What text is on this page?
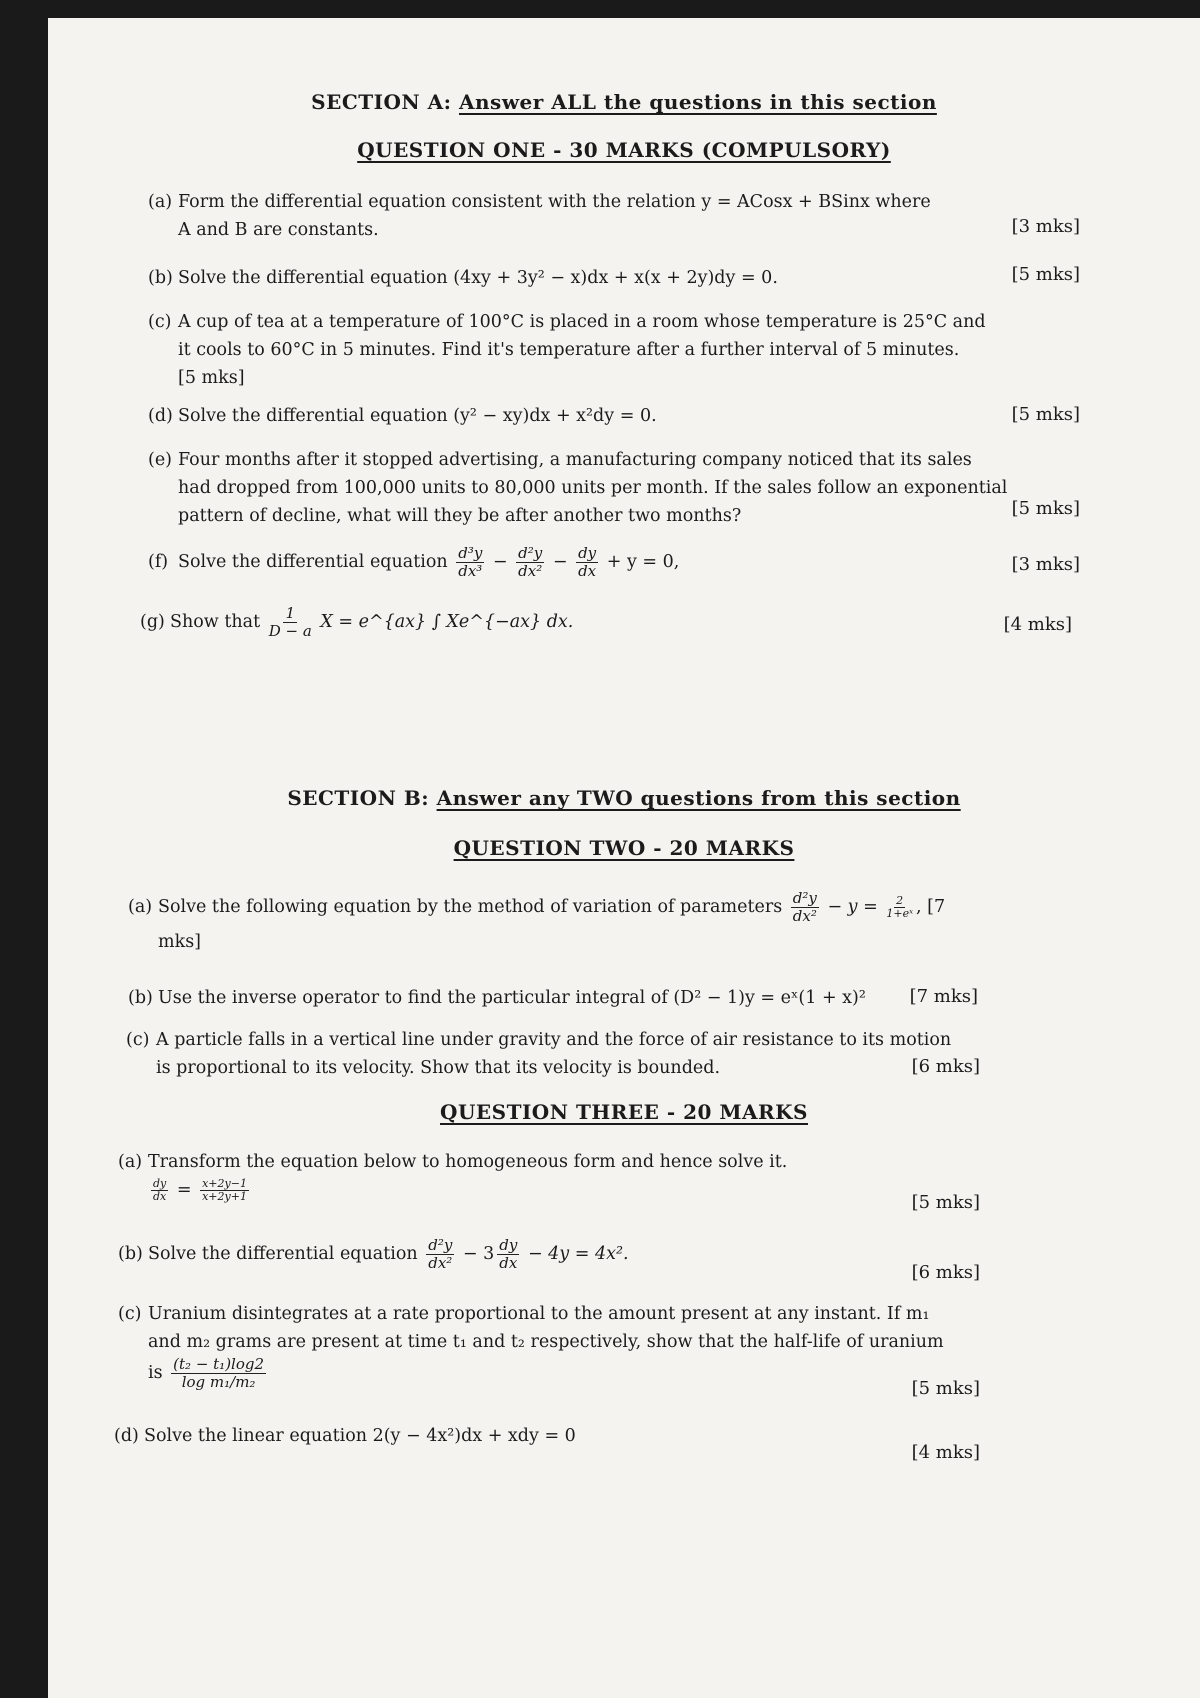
SECTION A: Answer ALL the questions in this section
QUESTION ONE - 30 MARKS (COMPULSORY)
(a) Form the differential equation consistent with the relation y = ACosx + BSinx where
A and B are constants.	[3 mks]
(b) Solve the differential equation (4xy + 3y² − x)dx + x(x + 2y)dy = 0.	[5 mks]
(c) A cup of tea at a temperature of 100°C is placed in a room whose temperature is 25°C and
it cools to 60°C in 5 minutes. Find it's temperature after a further interval of 5 minutes.
[5 mks]
(d) Solve the differential equation (y² − xy)dx + x²dy = 0.	[5 mks]
(e) Four months after it stopped advertising, a manufacturing company noticed that its sales
had dropped from 100,000 units to 80,000 units per month. If the sales follow an exponential
pattern of decline, what will they be after another two months?	[5 mks]
(f) Solve the differential equation $\frac{\text{d³y}}{\text{dx³}} - \frac{\text{d²y}}{\text{dx²}} - \frac{dy}{dx} + y = 0$,	[3 mks]
(g) Show that $\frac{1}{D - a}$ X = e^{ax} ∫ Xe^{−ax} dx.	[4 mks]
SECTION B: Answer any TWO questions from this section
QUESTION TWO - 20 MARKS
(a) Solve the following equation by the method of variation of parameters $\frac{\text{d²y}}{\text{dx²}} - y = \frac{2}{\text{1+eˣ}}$ , [7
mks]
(b) Use the inverse operator to find the particular integral of (D² − 1)y = eˣ(1 + x)²	[7 mks]
(c) A particle falls in a vertical line under gravity and the force of air resistance to its motion
is proportional to its velocity. Show that its velocity is bounded.	[6 mks]
QUESTION THREE - 20 MARKS
(a) Transform the equation below to homogeneous form and hence solve it.

$\frac{dy}{dx} = \frac{x+2y-1}{x+2y+1}$	[5 mks]
(b) Solve the differential equation $\frac{\text{d²y}}{\text{dx²}} - 3 \frac{dy}{dx} - 4y = 4x^2$.
[6 mks]
(c) Uranium disintegrates at a rate proportional to the amount present at any instant. If m₁
and m₂ grams are present at time t₁ and t₂ respectively, show that the half-life of uranium
is $\frac{\text{(t₂ − t₁)log2}}{\text{log m₁/m₂}}$	[5 mks]
(d) Solve the linear equation 2(y − 4x²)dx + xdy = 0
[4 mks]
